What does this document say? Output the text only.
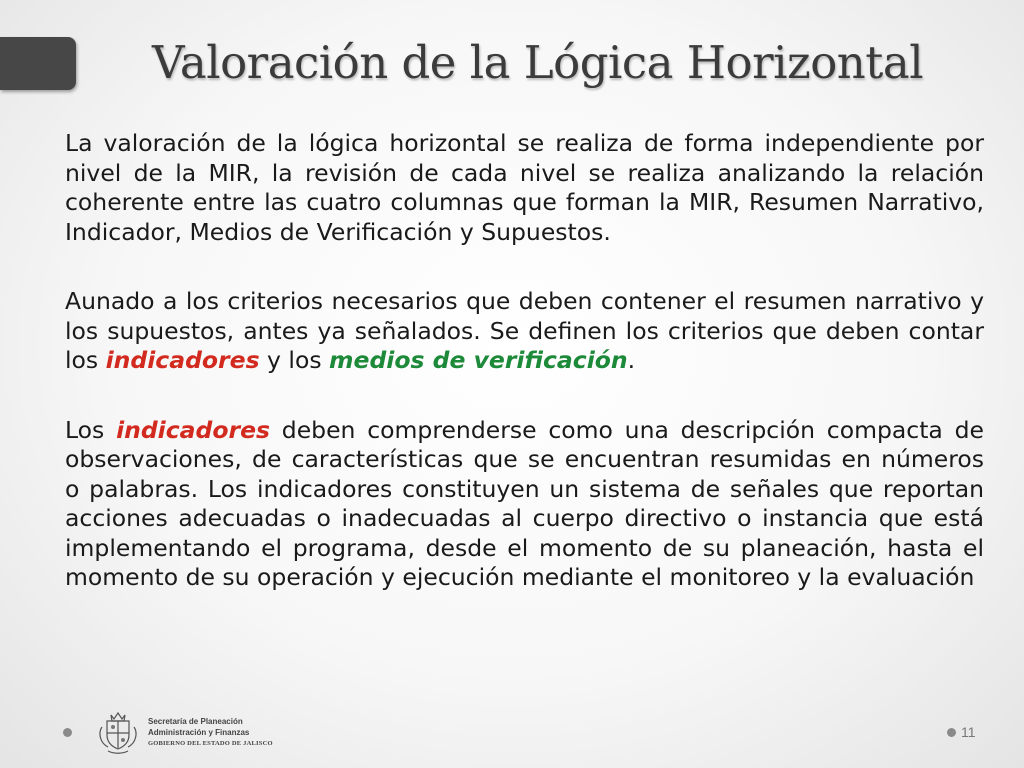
Valoración de la Lógica Horizontal

La valoración de la lógica horizontal se realiza de forma independiente por nivel de la MIR, la revisión de cada nivel se realiza analizando la relación coherente entre las cuatro columnas que forman la MIR, Resumen Narrativo, Indicador, Medios de Verificación y Supuestos.

Aunado a los criterios necesarios que deben contener el resumen narrativo y los supuestos, antes ya señalados. Se definen los criterios que deben contar los indicadores y los medios de verificación.

Los indicadores deben comprenderse como una descripción compacta de observaciones, de características que se encuentran resumidas en números o palabras. Los indicadores constituyen un sistema de señales que reportan acciones adecuadas o inadecuadas al cuerpo directivo o instancia que está implementando el programa, desde el momento de su planeación, hasta el momento de su operación y ejecución mediante el monitoreo y la evaluación

Secretaría de Planeación
Administración y Finanzas
GOBIERNO DEL ESTADO DE JALISCO
11
